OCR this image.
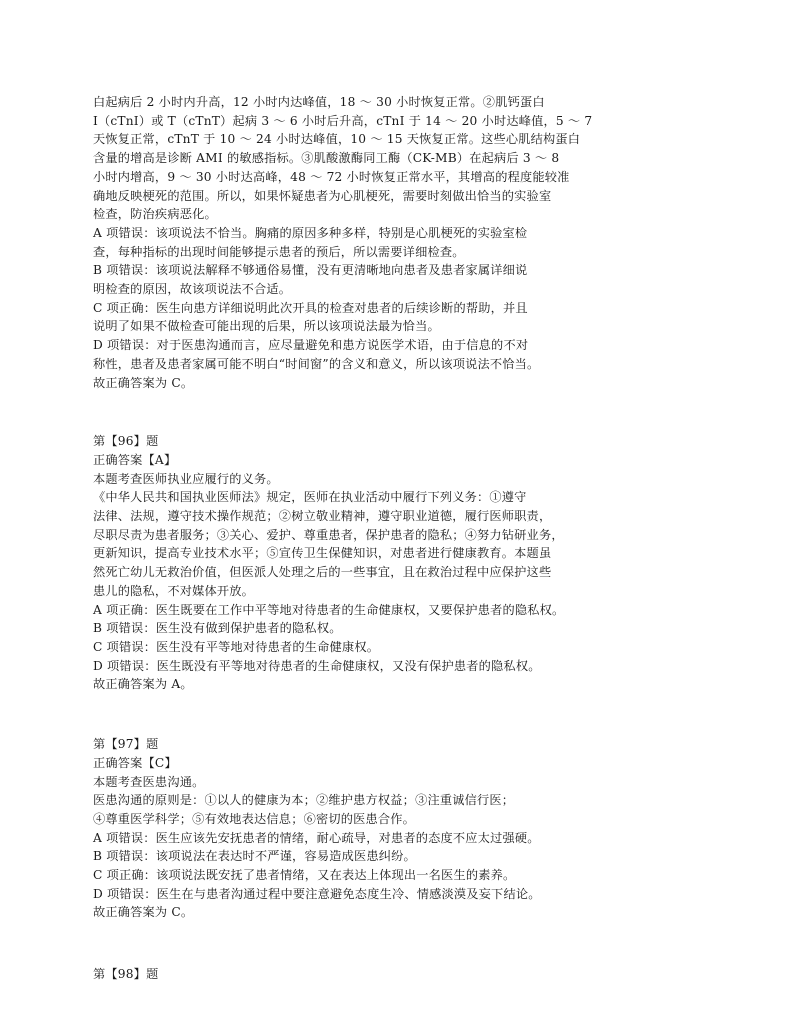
白起病后 2 小时内升高，12 小时内达峰值，18 ～ 30 小时恢复正常。②肌钙蛋白
I（cTnI）或 T（cTnT）起病 3 ～ 6 小时后升高，cTnI 于 14 ～ 20 小时达峰值，5 ～ 7
天恢复正常，cTnT 于 10 ～ 24 小时达峰值，10 ～ 15 天恢复正常。这些心肌结构蛋白
含量的增高是诊断 AMI 的敏感指标。③肌酸激酶同工酶（CK-MB）在起病后 3 ～ 8
小时内增高，9 ～ 30 小时达高峰，48 ～ 72 小时恢复正常水平，其增高的程度能较准
确地反映梗死的范围。所以，如果怀疑患者为心肌梗死，需要时刻做出恰当的实验室
检查，防治疾病恶化。
A 项错误：该项说法不恰当。胸痛的原因多种多样，特别是心肌梗死的实验室检
查，每种指标的出现时间能够提示患者的预后，所以需要详细检查。
B 项错误：该项说法解释不够通俗易懂，没有更清晰地向患者及患者家属详细说
明检查的原因，故该项说法不合适。
C 项正确：医生向患方详细说明此次开具的检查对患者的后续诊断的帮助，并且
说明了如果不做检查可能出现的后果，所以该项说法最为恰当。
D 项错误：对于医患沟通而言，应尽量避免和患方说医学术语，由于信息的不对
称性，患者及患者家属可能不明白“时间窗”的含义和意义，所以该项说法不恰当。
故正确答案为 C。
第【96】题
正确答案【A】
本题考查医师执业应履行的义务。
《中华人民共和国执业医师法》规定，医师在执业活动中履行下列义务：①遵守
法律、法规，遵守技术操作规范；②树立敬业精神，遵守职业道德，履行医师职责，
尽职尽责为患者服务；③关心、爱护、尊重患者，保护患者的隐私；④努力钻研业务，
更新知识，提高专业技术水平；⑤宣传卫生保健知识，对患者进行健康教育。本题虽
然死亡幼儿无救治价值，但医派人处理之后的一些事宜，且在救治过程中应保护这些
患儿的隐私，不对媒体开放。
A 项正确：医生既要在工作中平等地对待患者的生命健康权，又要保护患者的隐私权。
B 项错误：医生没有做到保护患者的隐私权。
C 项错误：医生没有平等地对待患者的生命健康权。
D 项错误：医生既没有平等地对待患者的生命健康权，又没有保护患者的隐私权。
故正确答案为 A。
第【97】题
正确答案【C】
本题考查医患沟通。
医患沟通的原则是：①以人的健康为本；②维护患方权益；③注重诚信行医；
④尊重医学科学；⑤有效地表达信息；⑥密切的医患合作。
A 项错误：医生应该先安抚患者的情绪，耐心疏导，对患者的态度不应太过强硬。
B 项错误：该项说法在表达时不严谨，容易造成医患纠纷。
C 项正确：该项说法既安抚了患者情绪，又在表达上体现出一名医生的素养。
D 项错误：医生在与患者沟通过程中要注意避免态度生冷、情感淡漠及妄下结论。
故正确答案为 C。
第【98】题
